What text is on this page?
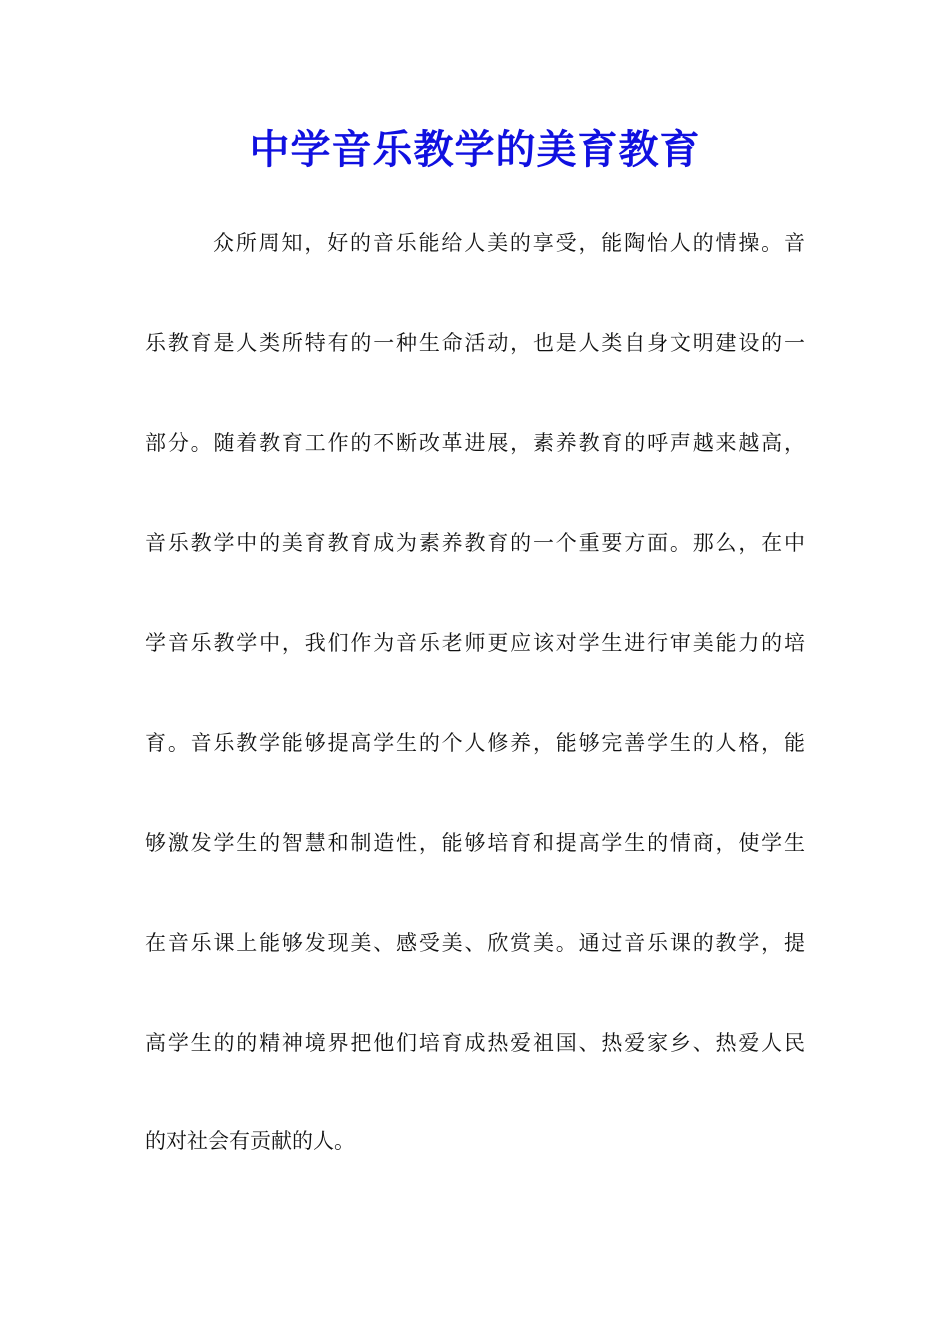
中学音乐教学的美育教育
众所周知，好的音乐能给人美的享受，能陶怡人的情操。音
乐教育是人类所特有的一种生命活动，也是人类自身文明建设的一
部分。随着教育工作的不断改革进展，素养教育的呼声越来越高，
音乐教学中的美育教育成为素养教育的一个重要方面。那么，在中
学音乐教学中，我们作为音乐老师更应该对学生进行审美能力的培
育。音乐教学能够提高学生的个人修养，能够完善学生的人格，能
够激发学生的智慧和制造性，能够培育和提高学生的情商，使学生
在音乐课上能够发现美、感受美、欣赏美。通过音乐课的教学，提
高学生的的精神境界把他们培育成热爱祖国、热爱家乡、热爱人民
的对社会有贡献的人。
